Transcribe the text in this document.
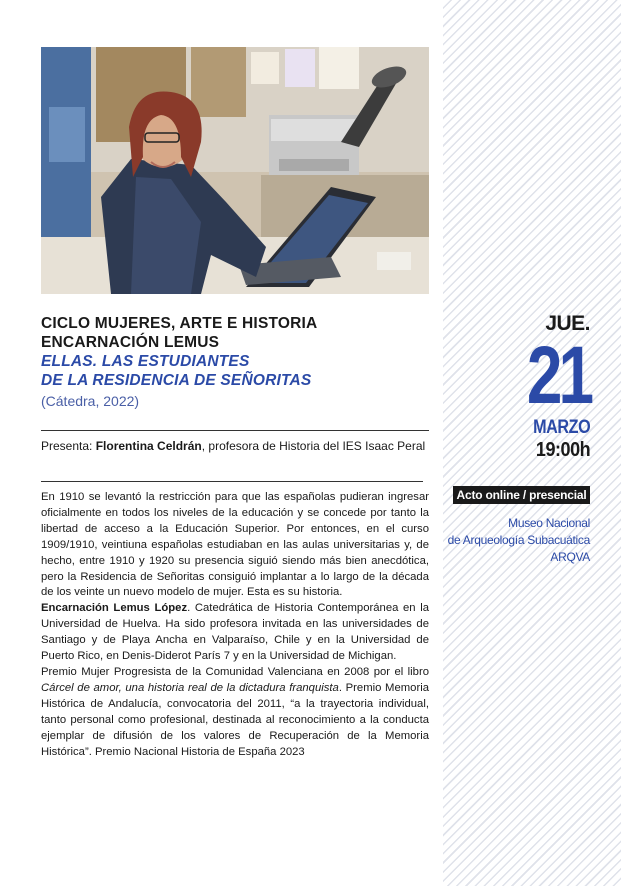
CICLO MUJERES, ARTE E HISTORIA
ENCARNACIÓN LEMUS
ELLAS. LAS ESTUDIANTES
DE LA RESIDENCIA DE SEÑORITAS
(Cátedra, 2022)
Presenta: Florentina Celdrán, profesora de Historia del IES Isaac Peral

En 1910 se levantó la restricción para que las españolas pudieran ingresar oficialmente en todos los niveles de la educación y se concede por tanto la libertad de acceso a la Educación Superior. Por entonces, en el curso 1909/1910, veintiuna españolas estudiaban en las aulas universitarias y, de hecho, entre 1910 y 1920 su presencia siguió siendo más bien anecdótica, pero la Residencia de Señoritas consiguió implantar a lo largo de la década de los veinte un nuevo modelo de mujer. Esta es su historia.

Encarnación Lemus López. Catedrática de Historia Contemporánea en la Universidad de Huelva. Ha sido profesora invitada en las universidades de Santiago y de Playa Ancha en Valparaíso, Chile y en la Universidad de Puerto Rico, en Denis-Diderot París 7 y en la Universidad de Michigan.

Premio Mujer Progresista de la Comunidad Valenciana en 2008 por el libro Cárcel de amor, una historia real de la dictadura franquista. Premio Memoria Histórica de Andalucía, convocatoria del 2011, “a la trayectoria individual, tanto personal como profesional, destinada al reconocimiento a la conducta ejemplar de difusión de los valores de Recuperación de la Memoria Histórica”. Premio Nacional Historia de España 2023

JUE.
21
MARZO
19:00h
Acto online / presencial
Museo Nacional
de Arqueología Subacuática
ARQVA
